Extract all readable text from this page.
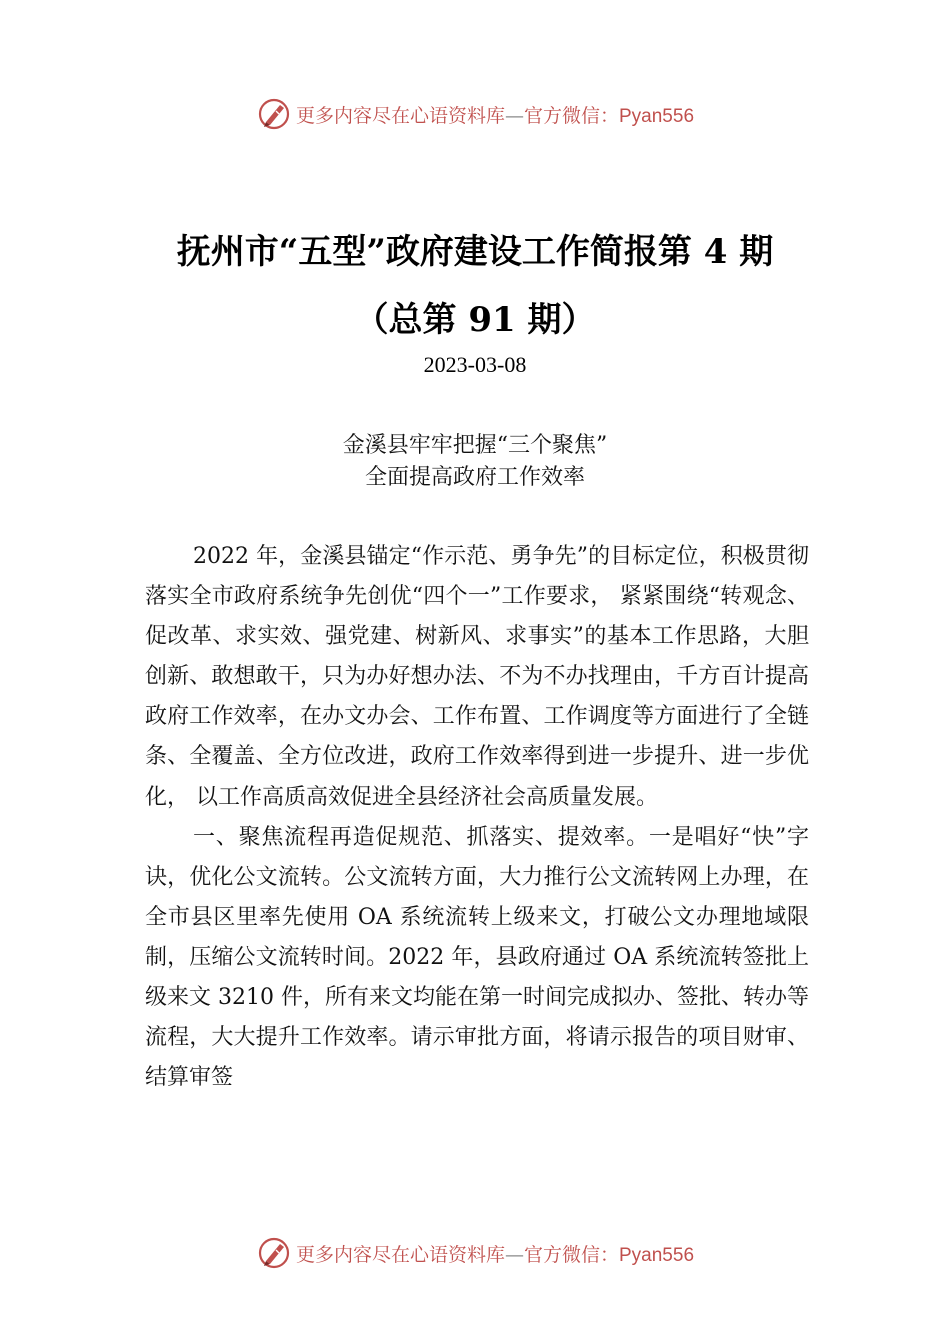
更多内容尽在心语资料库—官方微信：Pyan556
抚州市“五型”政府建设工作简报第 4 期
（总第 91 期）
2023-03-08
金溪县牢牢把握“三个聚焦”
全面提高政府工作效率

2022 年，金溪县锚定“作示范、勇争先”的目标定位，积极贯彻落实全市政府系统争先创优“四个一”工作要求， 紧紧围绕“转观念、促改革、求实效、强党建、树新风、求事实”的基本工作思路，大胆创新、敢想敢干，只为办好想办法、不为不办找理由，千方百计提高政府工作效率，在办文办会、工作布置、工作调度等方面进行了全链条、全覆盖、全方位改进，政府工作效率得到进一步提升、进一步优化， 以工作高质高效促进全县经济社会高质量发展。

一、聚焦流程再造促规范、抓落实、提效率。一是唱好“快”字诀，优化公文流转。公文流转方面，大力推行公文流转网上办理，在全市县区里率先使用 OA 系统流转上级来文，打破公文办理地域限制，压缩公文流转时间。2022 年，县政府通过 OA 系统流转签批上级来文 3210 件，所有来文均能在第一时间完成拟办、签批、转办等流程，大大提升工作效率。请示审批方面，将请示报告的项目财审、结算审签

更多内容尽在心语资料库—官方微信：Pyan556
